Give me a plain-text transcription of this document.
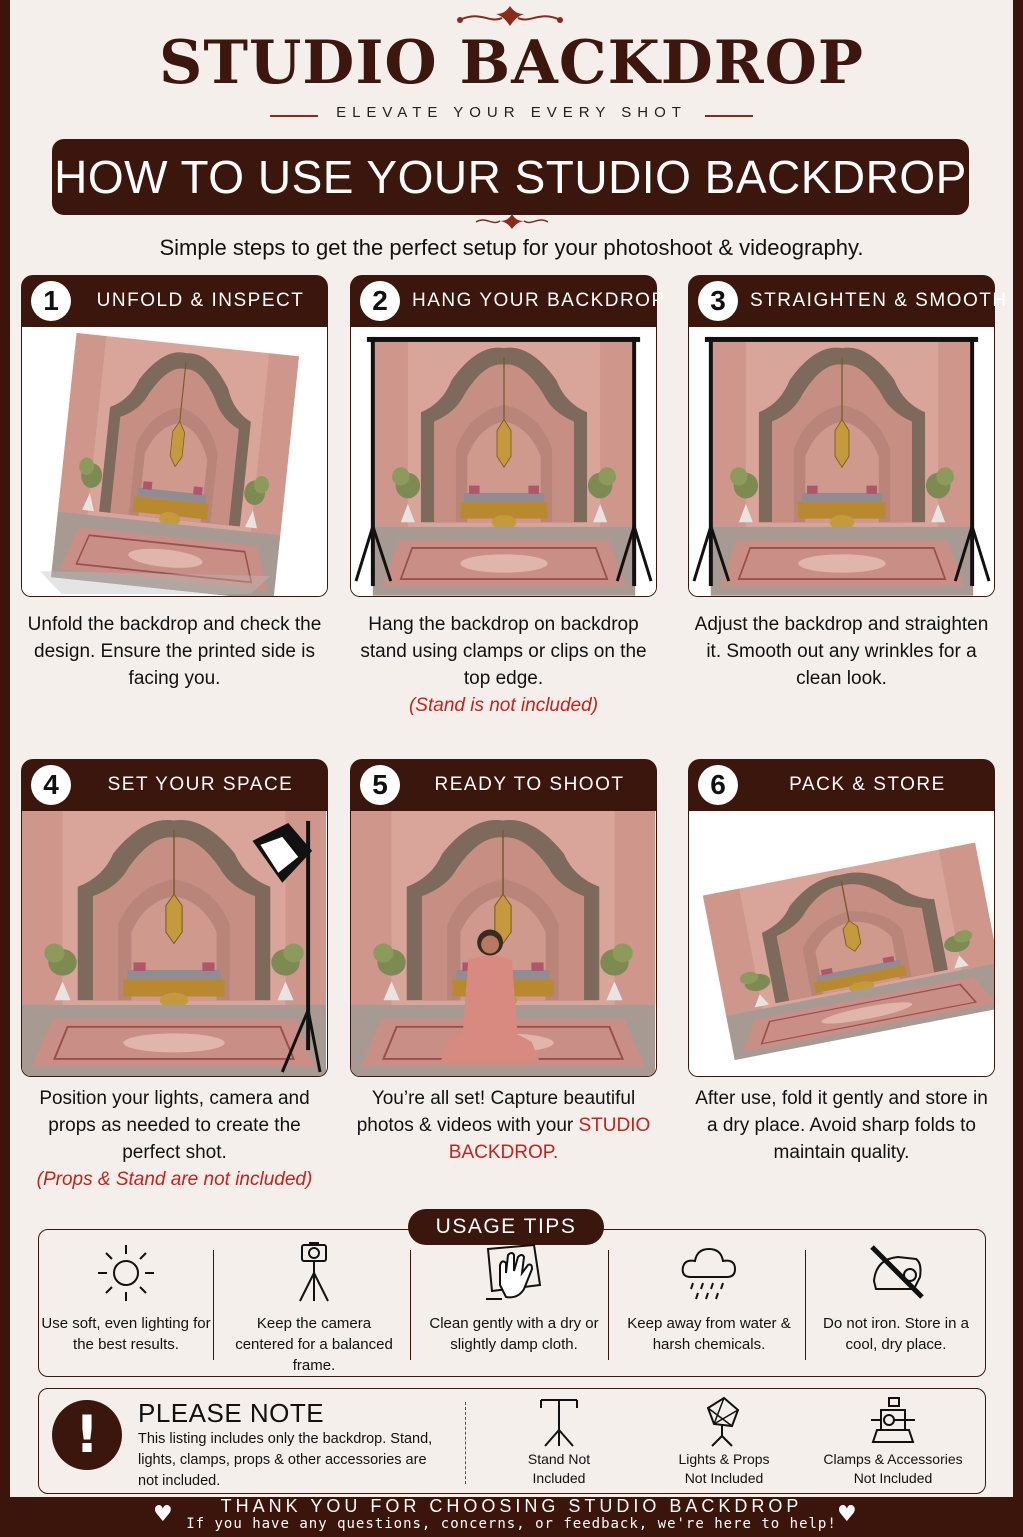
STUDIO BACKDROP
ELEVATE YOUR EVERY SHOT
HOW TO USE YOUR STUDIO BACKDROP
Simple steps to get the perfect setup for your photoshoot & videography.
1	UNFOLD & INSPECT
Unfold the backdrop and check the design. Ensure the printed side is facing you.
2	HANG YOUR BACKDROP
Hang the backdrop on backdrop stand using clamps or clips on the top edge.
(Stand is not included)
3	STRAIGHTEN & SMOOTH
Adjust the backdrop and straighten it. Smooth out any wrinkles for a clean look.
4	SET YOUR SPACE
Position your lights, camera and props as needed to create the perfect shot.
(Props & Stand are not included)
5	READY TO SHOOT
You’re all set! Capture beautiful photos & videos with your STUDIO BACKDROP.
6	PACK & STORE
After use, fold it gently and store in a dry place. Avoid sharp folds to maintain quality.
USAGE TIPS
Use soft, even lighting for the best results.
Keep the camera centered for a balanced frame.
Clean gently with a dry or slightly damp cloth.
Keep away from water & harsh chemicals.
Do not iron. Store in a cool, dry place.
!	PLEASE NOTE
This listing includes only the backdrop. Stand, lights, clamps, props & other accessories are not included.
Stand Not
Included
Lights & Props
Not Included
Clamps & Accessories
Not Included
♥	♥
THANK YOU FOR CHOOSING STUDIO BACKDROP
If you have any questions, concerns, or feedback, we're here to help!
